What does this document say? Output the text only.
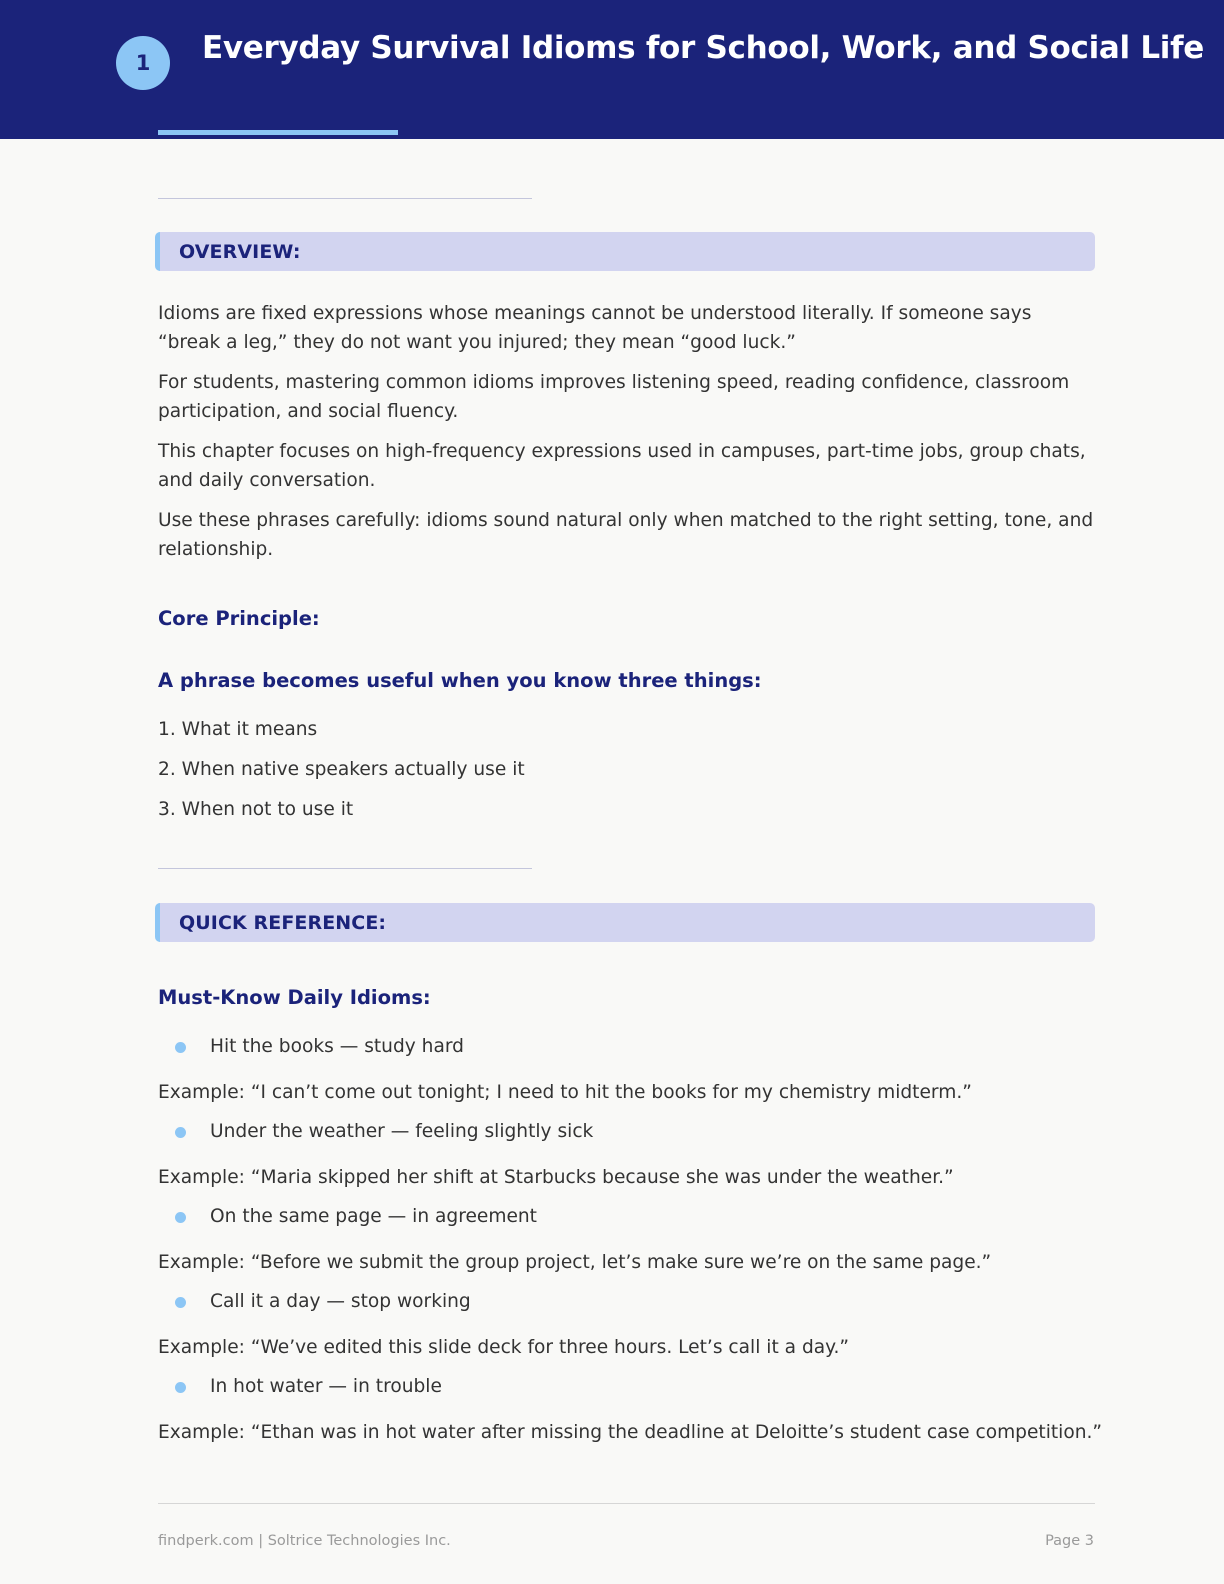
1	Everyday Survival Idioms for School, Work, and Social Life
OVERVIEW:

Idioms are fixed expressions whose meanings cannot be understood literally. If someone says “break a leg,” they do not want you injured; they mean “good luck.”

For students, mastering common idioms improves listening speed, reading confidence, classroom participation, and social fluency.

This chapter focuses on high-frequency expressions used in campuses, part-time jobs, group chats, and daily conversation.

Use these phrases carefully: idioms sound natural only when matched to the right setting, tone, and relationship.

Core Principle:
A phrase becomes useful when you know three things:
1. What it means
2. When native speakers actually use it
3. When not to use it
QUICK REFERENCE:
Must-Know Daily Idioms:
Hit the books — study hard
Example: “I can’t come out tonight; I need to hit the books for my chemistry midterm.”
Under the weather — feeling slightly sick
Example: “Maria skipped her shift at Starbucks because she was under the weather.”
On the same page — in agreement
Example: “Before we submit the group project, let’s make sure we’re on the same page.”
Call it a day — stop working
Example: “We’ve edited this slide deck for three hours. Let’s call it a day.”
In hot water — in trouble
Example: “Ethan was in hot water after missing the deadline at Deloitte’s student case competition.”
findperk.com | Soltrice Technologies Inc.	Page 3
